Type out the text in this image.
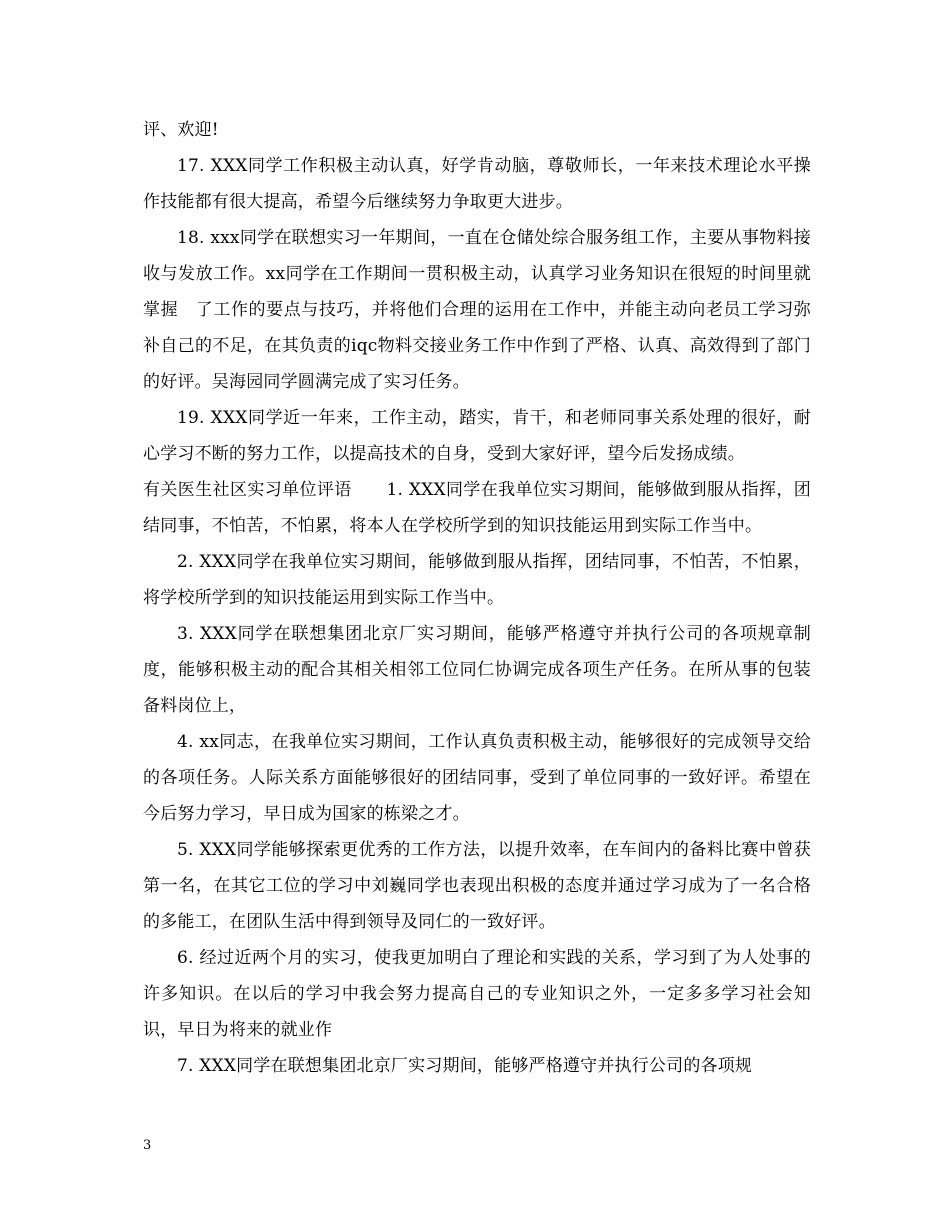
评、欢迎!

17. XXX同学工作积极主动认真，好学肯动脑，尊敬师长，一年来技术理论水平操作技能都有很大提高，希望今后继续努力争取更大进步。

18. xxx同学在联想实习一年期间，一直在仓储处综合服务组工作，主要从事物料接收与发放工作。xx同学在工作期间一贯积极主动，认真学习业务知识在很短的时间里就掌握　了工作的要点与技巧，并将他们合理的运用在工作中，并能主动向老员工学习弥补自己的不足，在其负责的iqc物料交接业务工作中作到了严格、认真、高效得到了部门的好评。吴海园同学圆满完成了实习任务。

19. XXX同学近一年来，工作主动，踏实，肯干，和老师同事关系处理的很好，耐心学习不断的努力工作，以提高技术的自身，受到大家好评，望今后发扬成绩。

有关医生社区实习单位评语　　1. XXX同学在我单位实习期间，能够做到服从指挥，团结同事，不怕苦，不怕累，将本人在学校所学到的知识技能运用到实际工作当中。

2. XXX同学在我单位实习期间，能够做到服从指挥，团结同事，不怕苦，不怕累，将学校所学到的知识技能运用到实际工作当中。

3. XXX同学在联想集团北京厂实习期间，能够严格遵守并执行公司的各项规章制度，能够积极主动的配合其相关相邻工位同仁协调完成各项生产任务。在所从事的包装备料岗位上，

4. xx同志，在我单位实习期间，工作认真负责积极主动，能够很好的完成领导交给的各项任务。人际关系方面能够很好的团结同事，受到了单位同事的一致好评。希望在今后努力学习，早日成为国家的栋梁之才。

5. XXX同学能够探索更优秀的工作方法，以提升效率，在车间内的备料比赛中曾获第一名，在其它工位的学习中刘巍同学也表现出积极的态度并通过学习成为了一名合格的多能工，在团队生活中得到领导及同仁的一致好评。

6. 经过近两个月的实习，使我更加明白了理论和实践的关系，学习到了为人处事的许多知识。在以后的学习中我会努力提高自己的专业知识之外，一定多多学习社会知识，早日为将来的就业作

7. XXX同学在联想集团北京厂实习期间，能够严格遵守并执行公司的各项规

3
